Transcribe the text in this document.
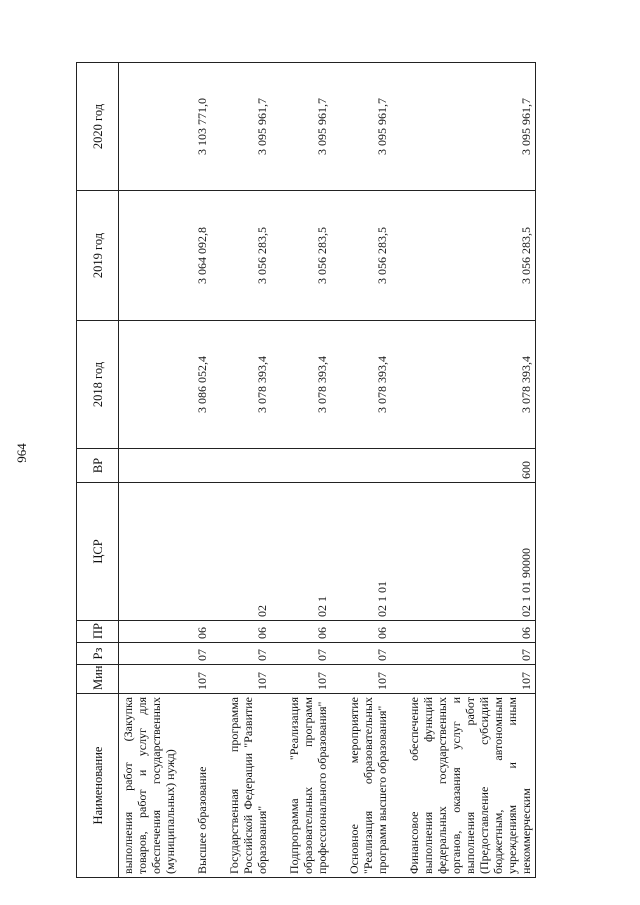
964
Наименование	Мин	Рз	ПР	ЦСР	ВР	2018 год	2019 год	2020 год
выполнения работ (Закупка товаров, работ и услуг для обеспечения государственных (муниципальных) нужд)								

Высшее образование	107	07	06			3 086 052,4	3 064 092,8	3 103 771,0

Государственная программа Российской Федерации "Развитие образования"	107	07	06	02		3 078 393,4	3 056 283,5	3 095 961,7

Подпрограмма "Реализация образовательных программ профессионального образования"	107	07	06	02 1		3 078 393,4	3 056 283,5	3 095 961,7

Основное мероприятие "Реализация образовательных программ высшего образования"	107	07	06	02 1 01		3 078 393,4	3 056 283,5	3 095 961,7

Финансовое обеспечение выполнения функций федеральных государственных органов, оказания услуг и выполнения работ (Предоставление субсидий бюджетным, автономным учреждениям и иным некоммерческим	107	07	06	02 1 01 90000	600	3 078 393,4	3 056 283,5	3 095 961,7
